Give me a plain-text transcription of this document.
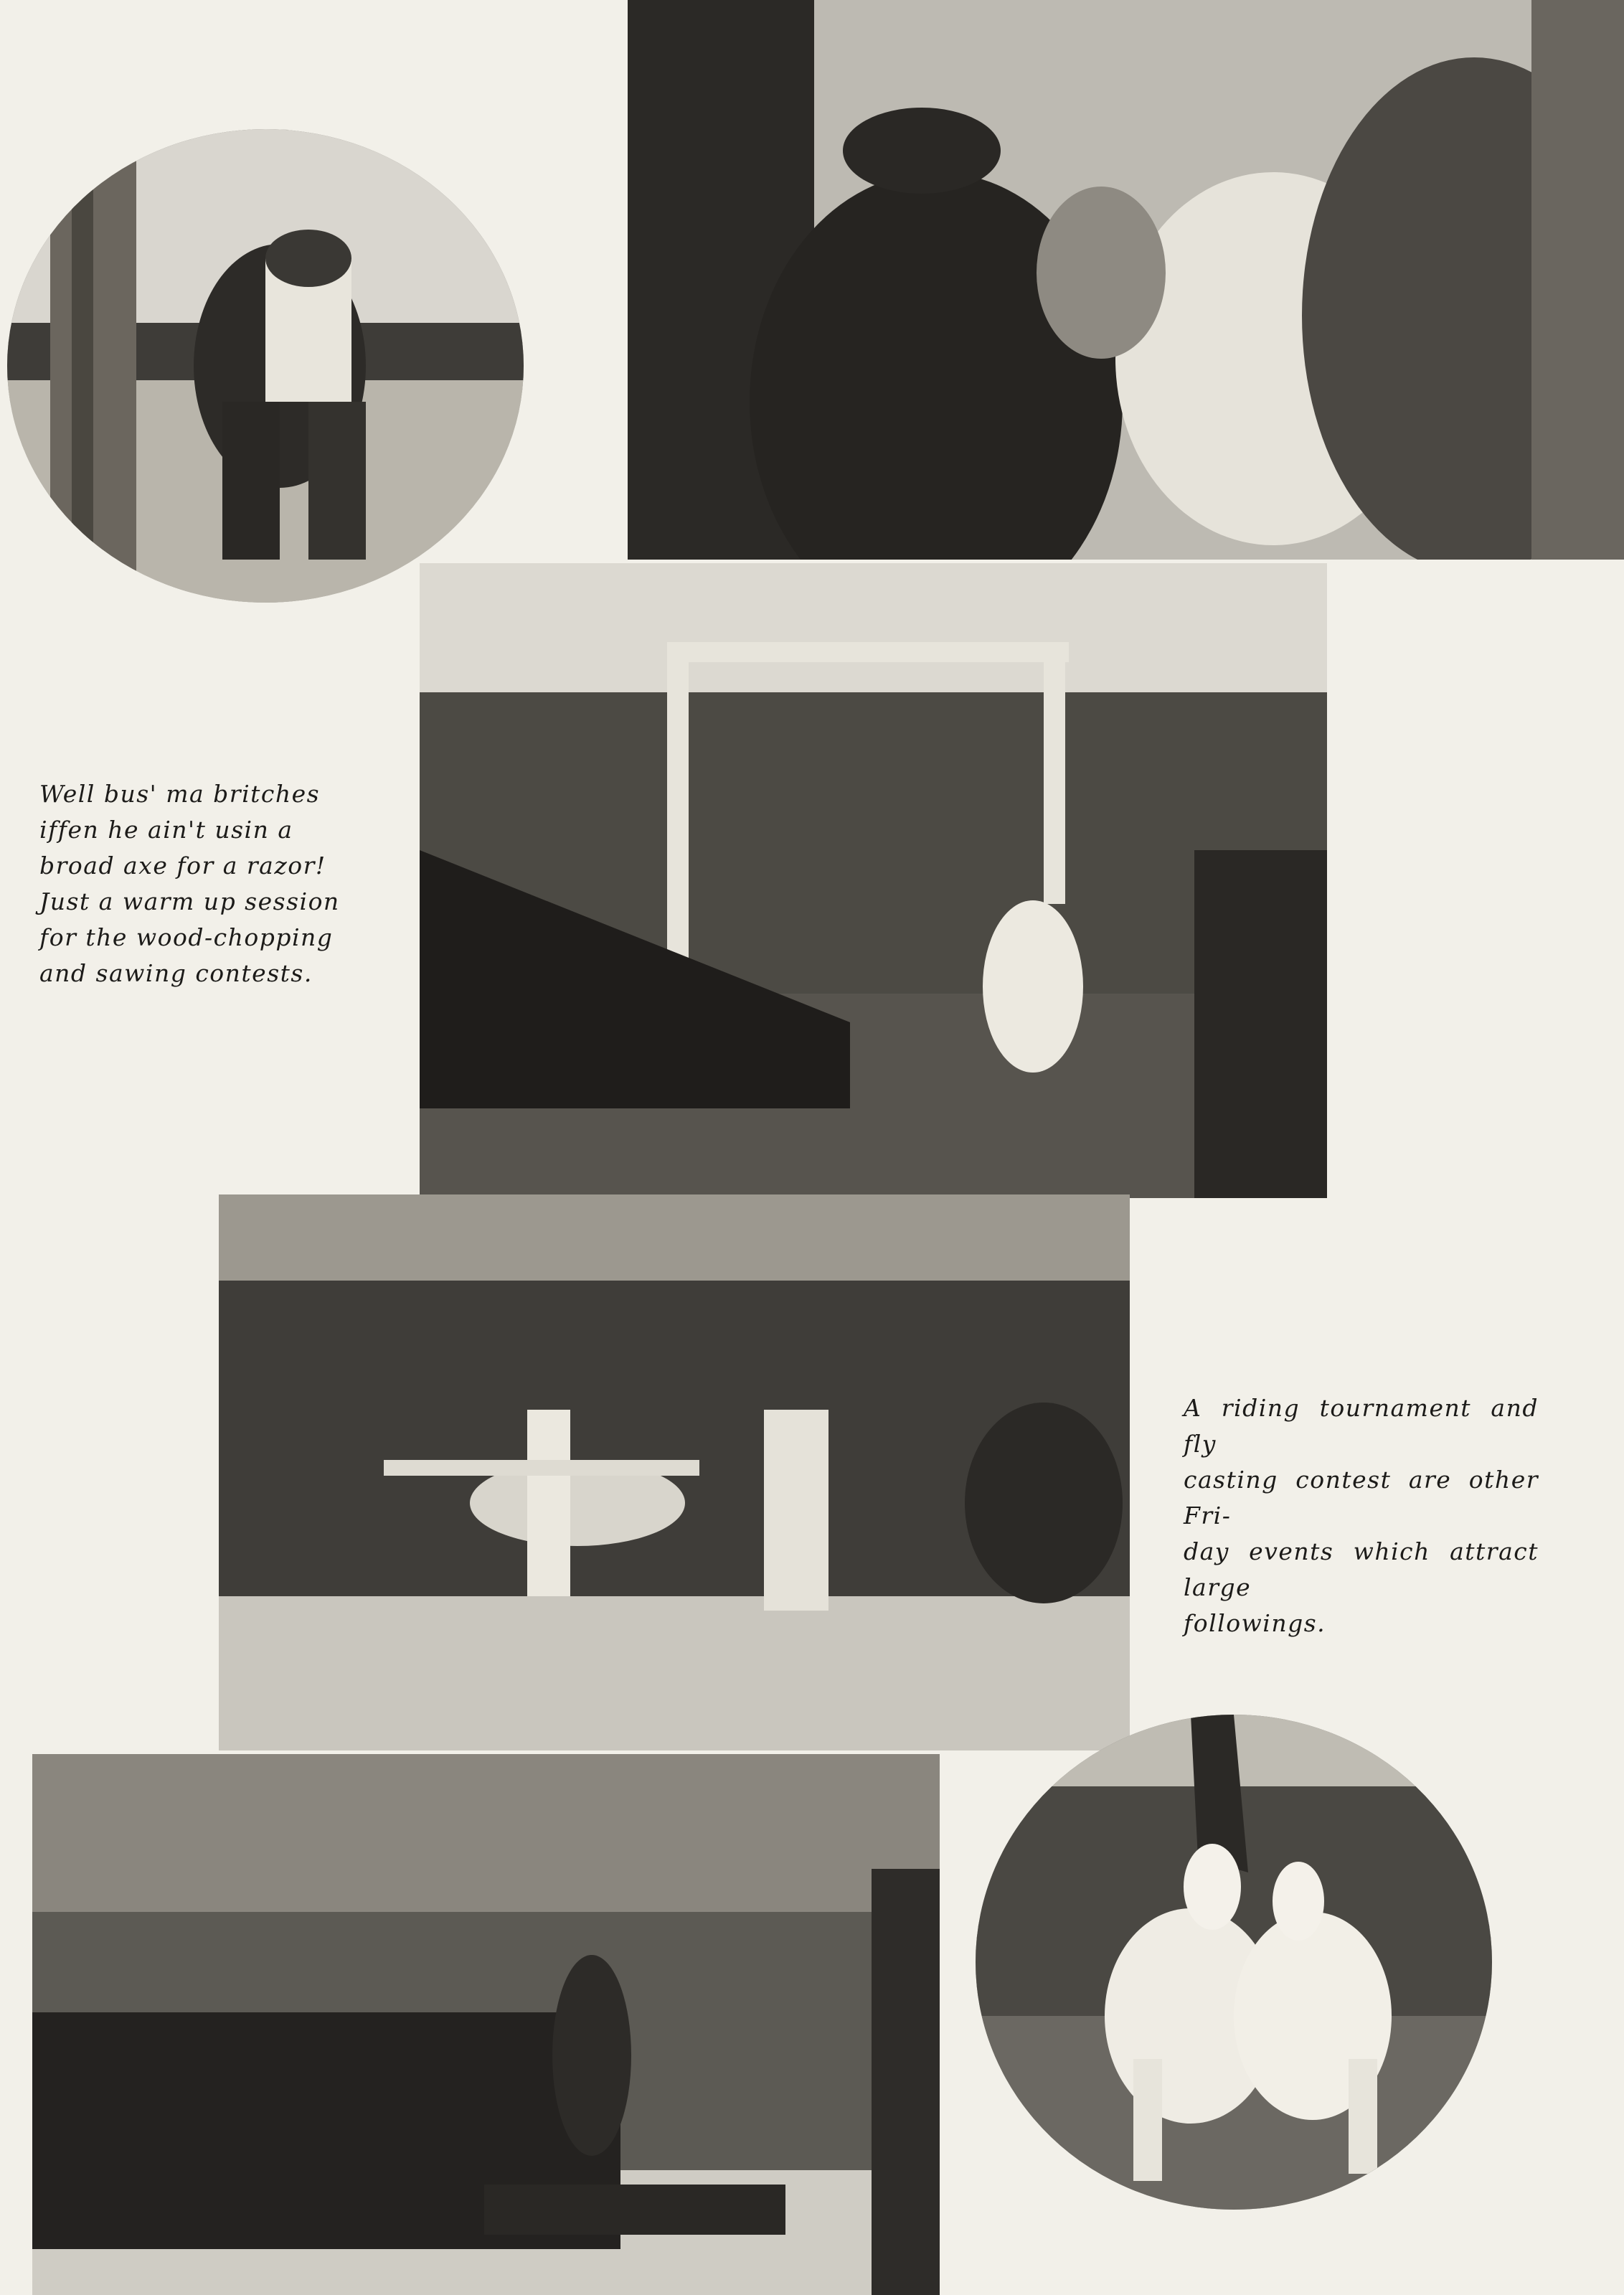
Well bus' ma britches
iffen he ain't usin a
broad axe for a razor!
Just a warm up session
for the wood-chopping
and sawing contests.
A riding tournament and fly
casting contest are other Fri-
day events which attract large
followings.
